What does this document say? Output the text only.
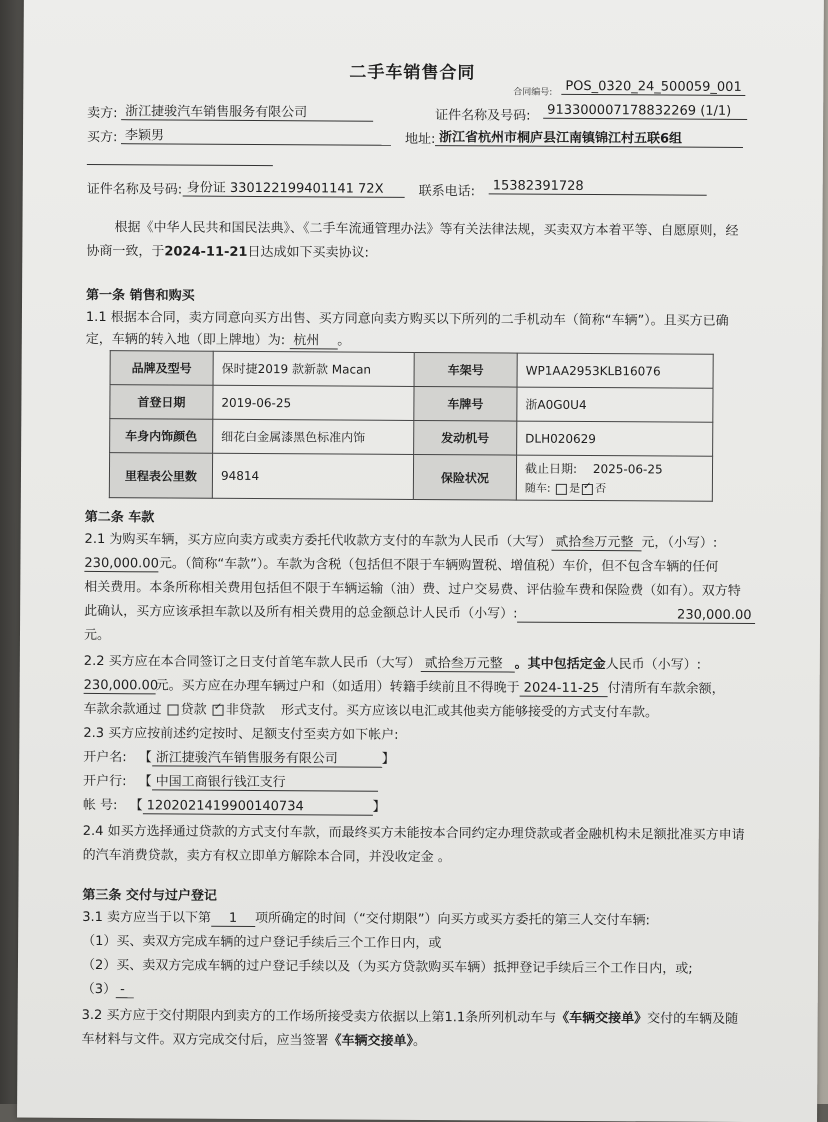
二手车销售合同
合同编号: POS_0320_24_500059_001
卖方: 浙江捷骏汽车销售服务有限公司	证件名称及号码:	913300007178832269 (1/1)
买方: 李颖男	地址: 浙江省杭州市桐庐县江南镇锦江村五联6组
证件名称及号码: 身份证 330122199401141 72X	联系电话:	15382391728
根据《中华人民共和国民法典》、《二手车流通管理办法》等有关法律法规，买卖双方本着平等、自愿原则，经
协商一致，于2024-11-21日达成如下买卖协议:
第一条 销售和购买
1.1 根据本合同，卖方同意向买方出售、买方同意向卖方购买以下所列的二手机动车（简称“车辆”）。且买方已确
定，车辆的转入地（即上牌地）为: 杭州 。
品牌及型号	保时捷2019 款新款 Macan	车架号	WP1AA2953KLB16076
首登日期	2019-06-25	车牌号	浙A0G0U4
车身内饰颜色	细花白金属漆黑色标准内饰	发动机号	DLH020629
里程表公里数	94814	保险状况	截止日期: 2025-06-25
随车: 是 ✓ 否
第二条 车款
2.1 为购买车辆，买方应向卖方或卖方委托代收款方支付的车款为人民币（大写） 贰拾叁万元整 元，（小写）:
230,000.00元。（简称“车款”）。车款为含税（包括但不限于车辆购置税、增值税）车价，但不包含车辆的任何
相关费用。本条所称相关费用包括但不限于车辆运输（油）费、过户交易费、评估验车费和保险费（如有）。双方特
此确认，买方应该承担车款以及所有相关费用的总金额总计人民币（小写）:	230,000.00
元。
2.2 买方应在本合同签订之日支付首笔车款人民币（大写） 贰拾叁万元整 。其中包括定金人民币（小写）:
230,000.00元。买方应在办理车辆过户和（如适用）转籍手续前且不得晚于 2024-11-25 付清所有车款余额，
车款余款通过 贷款 ✓ 非贷款 形式支付。买方应该以电汇或其他卖方能够接受的方式支付车款。
2.3 买方应按前述约定按时、足额支付至卖方如下帐户:
开户名: 【 浙江捷骏汽车销售服务有限公司	】
开户行: 【 中国工商银行钱江支行
帐 号: 【 1202021419900140734	】
2.4 如买方选择通过贷款的方式支付车款，而最终买方未能按本合同约定办理贷款或者金融机构未足额批准买方申请
的汽车消费贷款，卖方有权立即单方解除本合同，并没收定金 。
第三条 交付与过户登记
3.1 卖方应当于以下第 1 项所确定的时间（“交付期限”）向买方或买方委托的第三人交付车辆:
（1）买、卖双方完成车辆的过户登记手续后三个工作日内，或
（2）买、卖双方完成车辆的过户登记手续以及（为买方贷款购买车辆）抵押登记手续后三个工作日内，或;
（3） -
3.2 买方应于交付期限内到卖方的工作场所接受卖方依据以上第1.1条所列机动车与《车辆交接单》交付的车辆及随
车材料与文件。双方完成交付后，应当签署《车辆交接单》。
